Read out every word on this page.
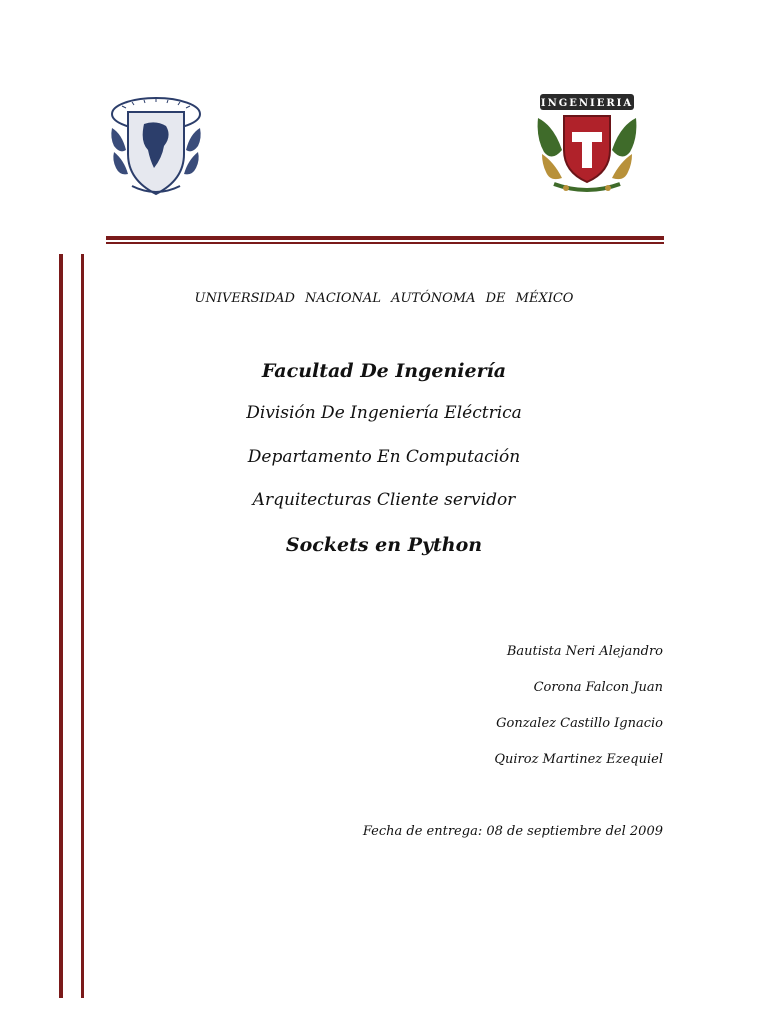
INGENIERIA
UNIVERSIDAD NACIONAL AUTÓNOMA DE MÉXICO
Facultad De Ingeniería
División De Ingeniería Eléctrica
Departamento En Computación
Arquitecturas Cliente servidor
Sockets en Python
Bautista Neri Alejandro
Corona Falcon Juan
Gonzalez Castillo Ignacio
Quiroz Martinez Ezequiel
Fecha de entrega: 08 de septiembre del 2009
